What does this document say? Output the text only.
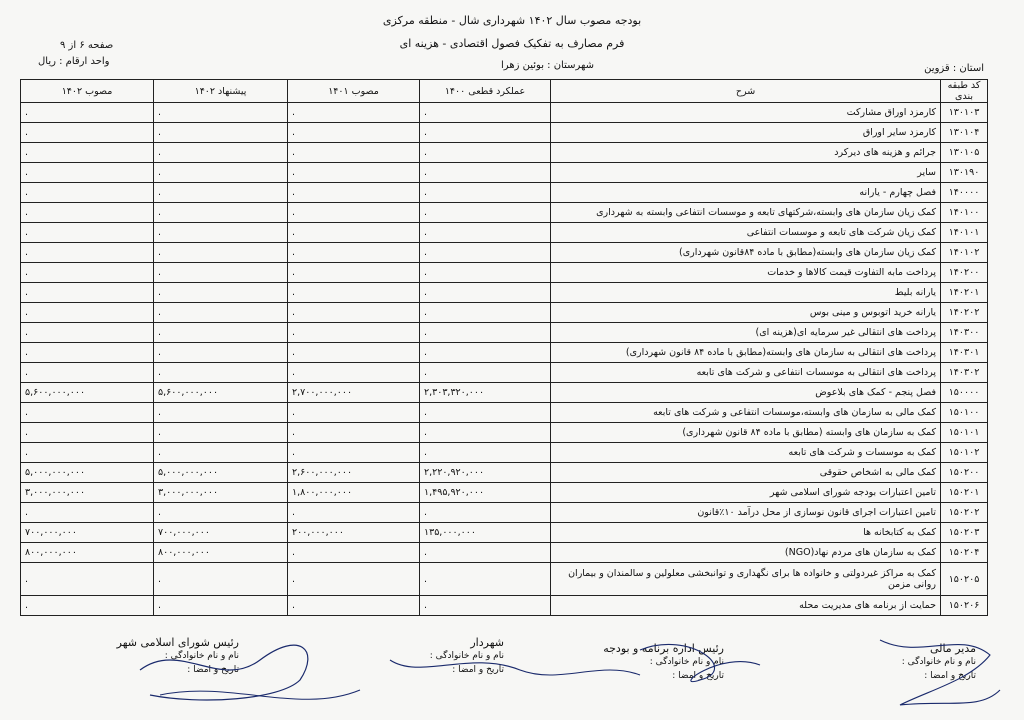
بودجه مصوب سال ۱۴۰۲ شهرداری شال - منطقه مرکزی
فرم مصارف به تفکیک فصول اقتصادی - هزینه ای
صفحه ۶ از ۹
واحد ارقام : ریال
استان : قزوین
شهرستان : بوئین زهرا
کد طبقه بندی	شرح	عملکرد قطعی ۱۴۰۰	مصوب ۱۴۰۱	پیشنهاد ۱۴۰۲	مصوب ۱۴۰۲
۱۳۰۱۰۳	کارمزد اوراق مشارکت	.	.	.	.
۱۳۰۱۰۴	کارمزد سایر اوراق	.	.	.	.
۱۳۰۱۰۵	جرائم و هزینه های دیرکرد	.	.	.	.
۱۳۰۱۹۰	سایر	.	.	.	.
۱۴۰۰۰۰	فصل چهارم - یارانه	.	.	.	.
۱۴۰۱۰۰	کمک زیان سازمان های وابسته،شرکتهای تابعه و موسسات انتفاعی وابسته به شهرداری	.	.	.	.
۱۴۰۱۰۱	کمک زیان شرکت های تابعه و موسسات انتفاعی	.	.	.	.
۱۴۰۱۰۲	کمک زیان سازمان های وابسته(مطابق با ماده ۸۴قانون شهرداری)	.	.	.	.
۱۴۰۲۰۰	پرداخت مابه التفاوت قیمت کالاها و خدمات	.	.	.	.
۱۴۰۲۰۱	یارانه بلیط	.	.	.	.
۱۴۰۲۰۲	یارانه خرید اتوبوس و مینی بوس	.	.	.	.
۱۴۰۳۰۰	پرداخت های انتقالی غیر سرمایه ای(هزینه ای)	.	.	.	.
۱۴۰۳۰۱	پرداخت های انتقالی به سازمان های وابسته(مطابق با ماده ۸۴ قانون شهرداری)	.	.	.	.
۱۴۰۳۰۲	پرداخت های انتقالی به موسسات انتفاعی و شرکت های تابعه	.	.	.	.
۱۵۰۰۰۰	فصل پنجم - کمک های بلاعوض	۲,۳۰۳,۳۲۰,۰۰۰	۲,۷۰۰,۰۰۰,۰۰۰	۵,۶۰۰,۰۰۰,۰۰۰	۵,۶۰۰,۰۰۰,۰۰۰
۱۵۰۱۰۰	کمک مالی به سازمان های وابسته،موسسات انتفاعی و شرکت های تابعه	.	.	.	.
۱۵۰۱۰۱	کمک به سازمان های وابسته (مطابق با ماده ۸۴ قانون شهرداری)	.	.	.	.
۱۵۰۱۰۲	کمک به موسسات و شرکت های تابعه	.	.	.	.
۱۵۰۲۰۰	کمک مالی به اشخاص حقوقی	۲,۲۲۰,۹۲۰,۰۰۰	۲,۶۰۰,۰۰۰,۰۰۰	۵,۰۰۰,۰۰۰,۰۰۰	۵,۰۰۰,۰۰۰,۰۰۰
۱۵۰۲۰۱	تامین اعتبارات بودجه شورای اسلامی شهر	۱,۴۹۵,۹۲۰,۰۰۰	۱,۸۰۰,۰۰۰,۰۰۰	۳,۰۰۰,۰۰۰,۰۰۰	۳,۰۰۰,۰۰۰,۰۰۰
۱۵۰۲۰۲	تامین اعتبارات اجرای قانون نوسازی از محل درآمد ۱۰٪قانون	.	.	.	.
۱۵۰۲۰۳	کمک به کتابخانه ها	۱۳۵,۰۰۰,۰۰۰	۲۰۰,۰۰۰,۰۰۰	۷۰۰,۰۰۰,۰۰۰	۷۰۰,۰۰۰,۰۰۰
۱۵۰۲۰۴	کمک به سازمان های مردم نهاد(NGO)	.	.	۸۰۰,۰۰۰,۰۰۰	۸۰۰,۰۰۰,۰۰۰
۱۵۰۲۰۵	کمک به مراکز غیردولتی و خانواده ها برای نگهداری و توانبخشی معلولین و سالمندان و بیماران روانی مزمن	.	.	.	.
۱۵۰۲۰۶	حمایت از برنامه های مدیریت محله	.	.	.	.
مدیر مالی
نام و نام خانوادگی :
تاریخ و امضا :
رئیس اداره برنامه و بودجه
نام و نام خانوادگی :
تاریخ و امضا :
شهردار
نام و نام خانوادگی :
تاریخ و امضا :
رئیس شورای اسلامی شهر
نام و نام خانوادگی :
تاریخ و امضا :
